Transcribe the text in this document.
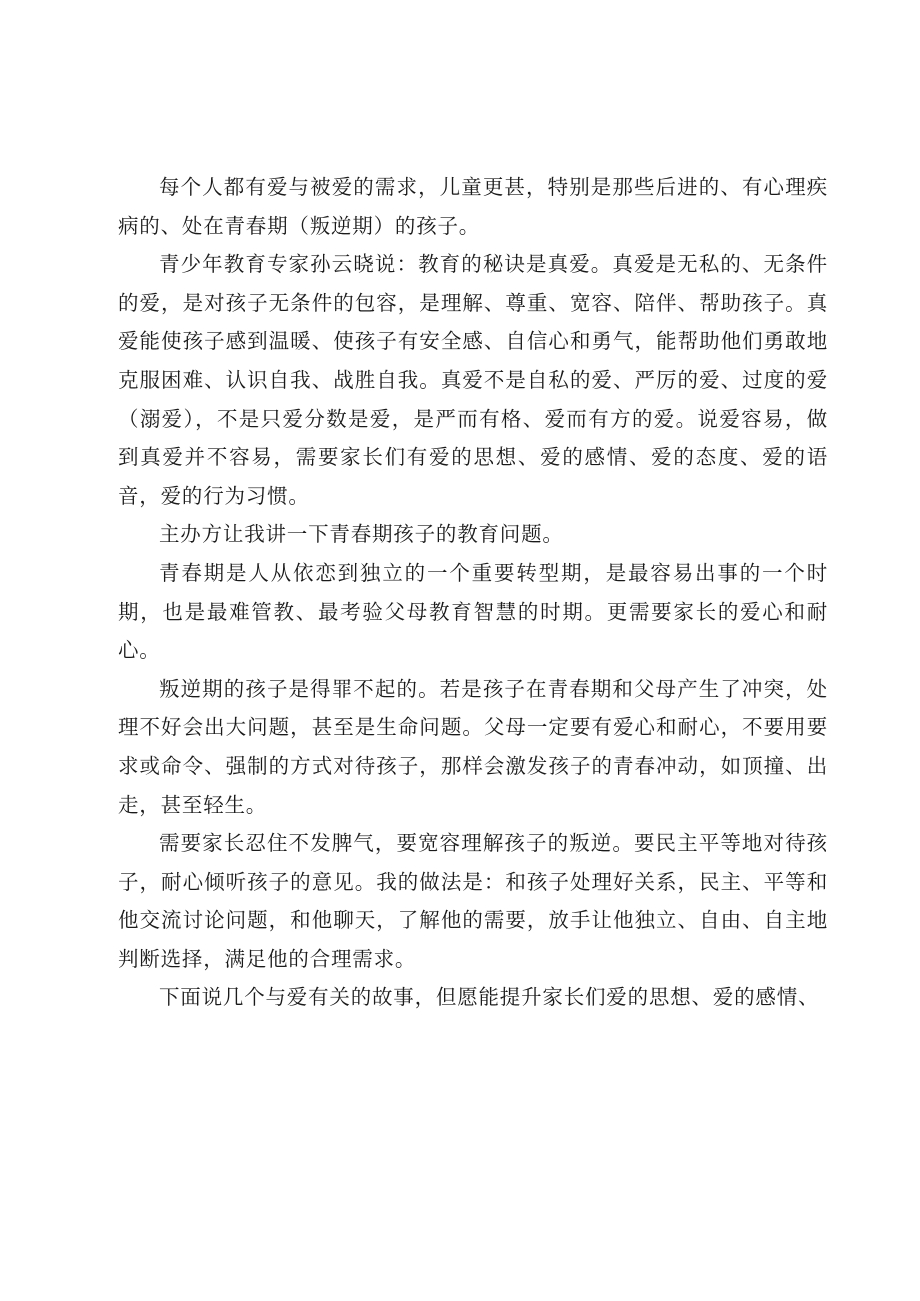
每个人都有爱与被爱的需求，儿童更甚，特别是那些后进的、有心理疾病的、处在青春期（叛逆期）的孩子。

青少年教育专家孙云晓说：教育的秘诀是真爱。真爱是无私的、无条件的爱，是对孩子无条件的包容，是理解、尊重、宽容、陪伴、帮助孩子。真爱能使孩子感到温暖、使孩子有安全感、自信心和勇气，能帮助他们勇敢地克服困难、认识自我、战胜自我。真爱不是自私的爱、严厉的爱、过度的爱（溺爱），不是只爱分数是爱，是严而有格、爱而有方的爱。说爱容易，做到真爱并不容易，需要家长们有爱的思想、爱的感情、爱的态度、爱的语音，爱的行为习惯。

主办方让我讲一下青春期孩子的教育问题。

青春期是人从依恋到独立的一个重要转型期，是最容易出事的一个时期，也是最难管教、最考验父母教育智慧的时期。更需要家长的爱心和耐心。

叛逆期的孩子是得罪不起的。若是孩子在青春期和父母产生了冲突，处理不好会出大问题，甚至是生命问题。父母一定要有爱心和耐心，不要用要求或命令、强制的方式对待孩子，那样会激发孩子的青春冲动，如顶撞、出走，甚至轻生。

需要家长忍住不发脾气，要宽容理解孩子的叛逆。要民主平等地对待孩子，耐心倾听孩子的意见。我的做法是：和孩子处理好关系，民主、平等和他交流讨论问题，和他聊天，了解他的需要，放手让他独立、自由、自主地判断选择，满足他的合理需求。

下面说几个与爱有关的故事，但愿能提升家长们爱的思想、爱的感情、
